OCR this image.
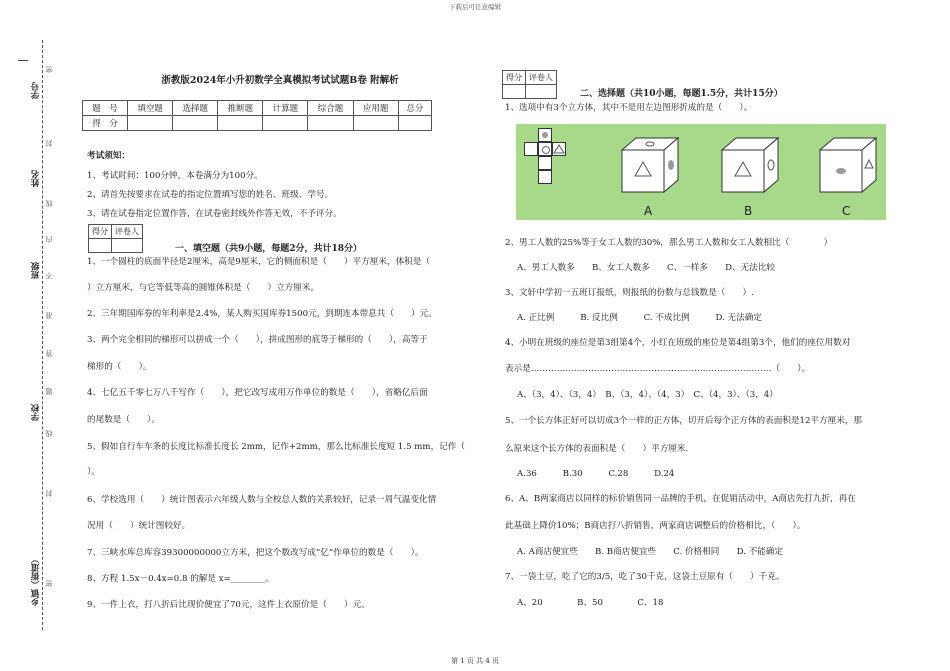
下载后可任意编辑
第 1 页 共 4 页
学号
姓名
班级
学校
乡镇（街道）
密
封
线
内
不
准
答
题
线
封
密
浙教版2024年小升初数学全真模拟考试试题B卷 附解析
题　号	填空题	选择题	推断题	计算题	综合题	应用题	总分
得　分							
考试须知：
1、考试时间：100分钟，本卷满分为100分。
2、请首先按要求在试卷的指定位置填写您的姓名、班级、学号。
3、请在试卷指定位置作答，在试卷密封线外作答无效，不予评分。
得分	评卷人

一、填空题（共9小题，每题2分，共计18分）
1、一个圆柱的底面半径是2厘米，高是9厘米，它的侧面积是（　　）平方厘米，体积是（
）立方厘米，与它等低等高的圆锥体积是（　　）立方厘米。
2、三年期国库券的年利率是2.4%，某人购买国库券1500元，到期连本带息共（　　）元。
3、两个完全相同的梯形可以拼成一个（　　），拼成图形的底等于梯形的（　　），高等于
梯形的（　　）。
4、七亿五千零七万八千写作（　　），把它改写成用万作单位的数是（　　），省略亿后面
的尾数是（　　）。
5、假如自行车车条的长度比标准长度长 2mm，记作+2mm，那么比标准长度短 1.5 mm，记作（
）。
6、学校选用（　　）统计图表示六年级人数与全校总人数的关系较好，记录一周气温变化情
况用（　　）统计图较好。
7、三峡水库总库容39300000000立方米，把这个数改写成“亿”作单位的数是（　　）。
8、方程 1.5x－0.4x=0.8 的解是 x=________。
9、一件上衣，打八折后比现价便宜了70元，这件上衣原价是（　　）元。
得分	评卷人

二、选择题（共10小题，每题1.5分，共计15分）
1、选项中有3个立方体，其中不是用左边图形折成的是（　　）。
A	B	C
2、男工人数的25%等于女工人数的30%，那么男工人数和女工人数相比（　　　　）
A、男工人数多　　B、女工人数多　　C、一样多　　D、无法比较
3、文轩中学初一五班订报纸，则报纸的份数与总钱数是（　　）.
A. 正比例　　　B. 反比例　　　C. 不成比例　　　D. 无法确定
4、小明在班级的座位是第3组第4个，小红在班级的座位是第4组第3个，他们的座位用数对
表示是…………………………………………………………………………（　　）。
A、（3，4）、（3，4）　B、（3，4）、（4，3）　C、（4，3）、（3，4）
5、一个长方体正好可以切成3个一样的正方体，切开后每个正方体的表面积是12平方厘米，那
么原来这个长方体的表面积是（　　）平方厘米.
A.36　　　B.30　　　C.28　　　D.24
6、A、B两家商店以同样的标价销售同一品牌的手机，在促销活动中，A商店先打九折，再在
此基础上降价10%；B商店打八折销售，两家商店调整后的价格相比，（　　）。
A. A商店便宜些　　B. B商店便宜些　　C. 价格相同　　D. 不能确定
7、一袋土豆，吃了它的3/5，吃了30千克，这袋土豆原有（　　）千克。
A、20　　　　B、50　　　　C、18
